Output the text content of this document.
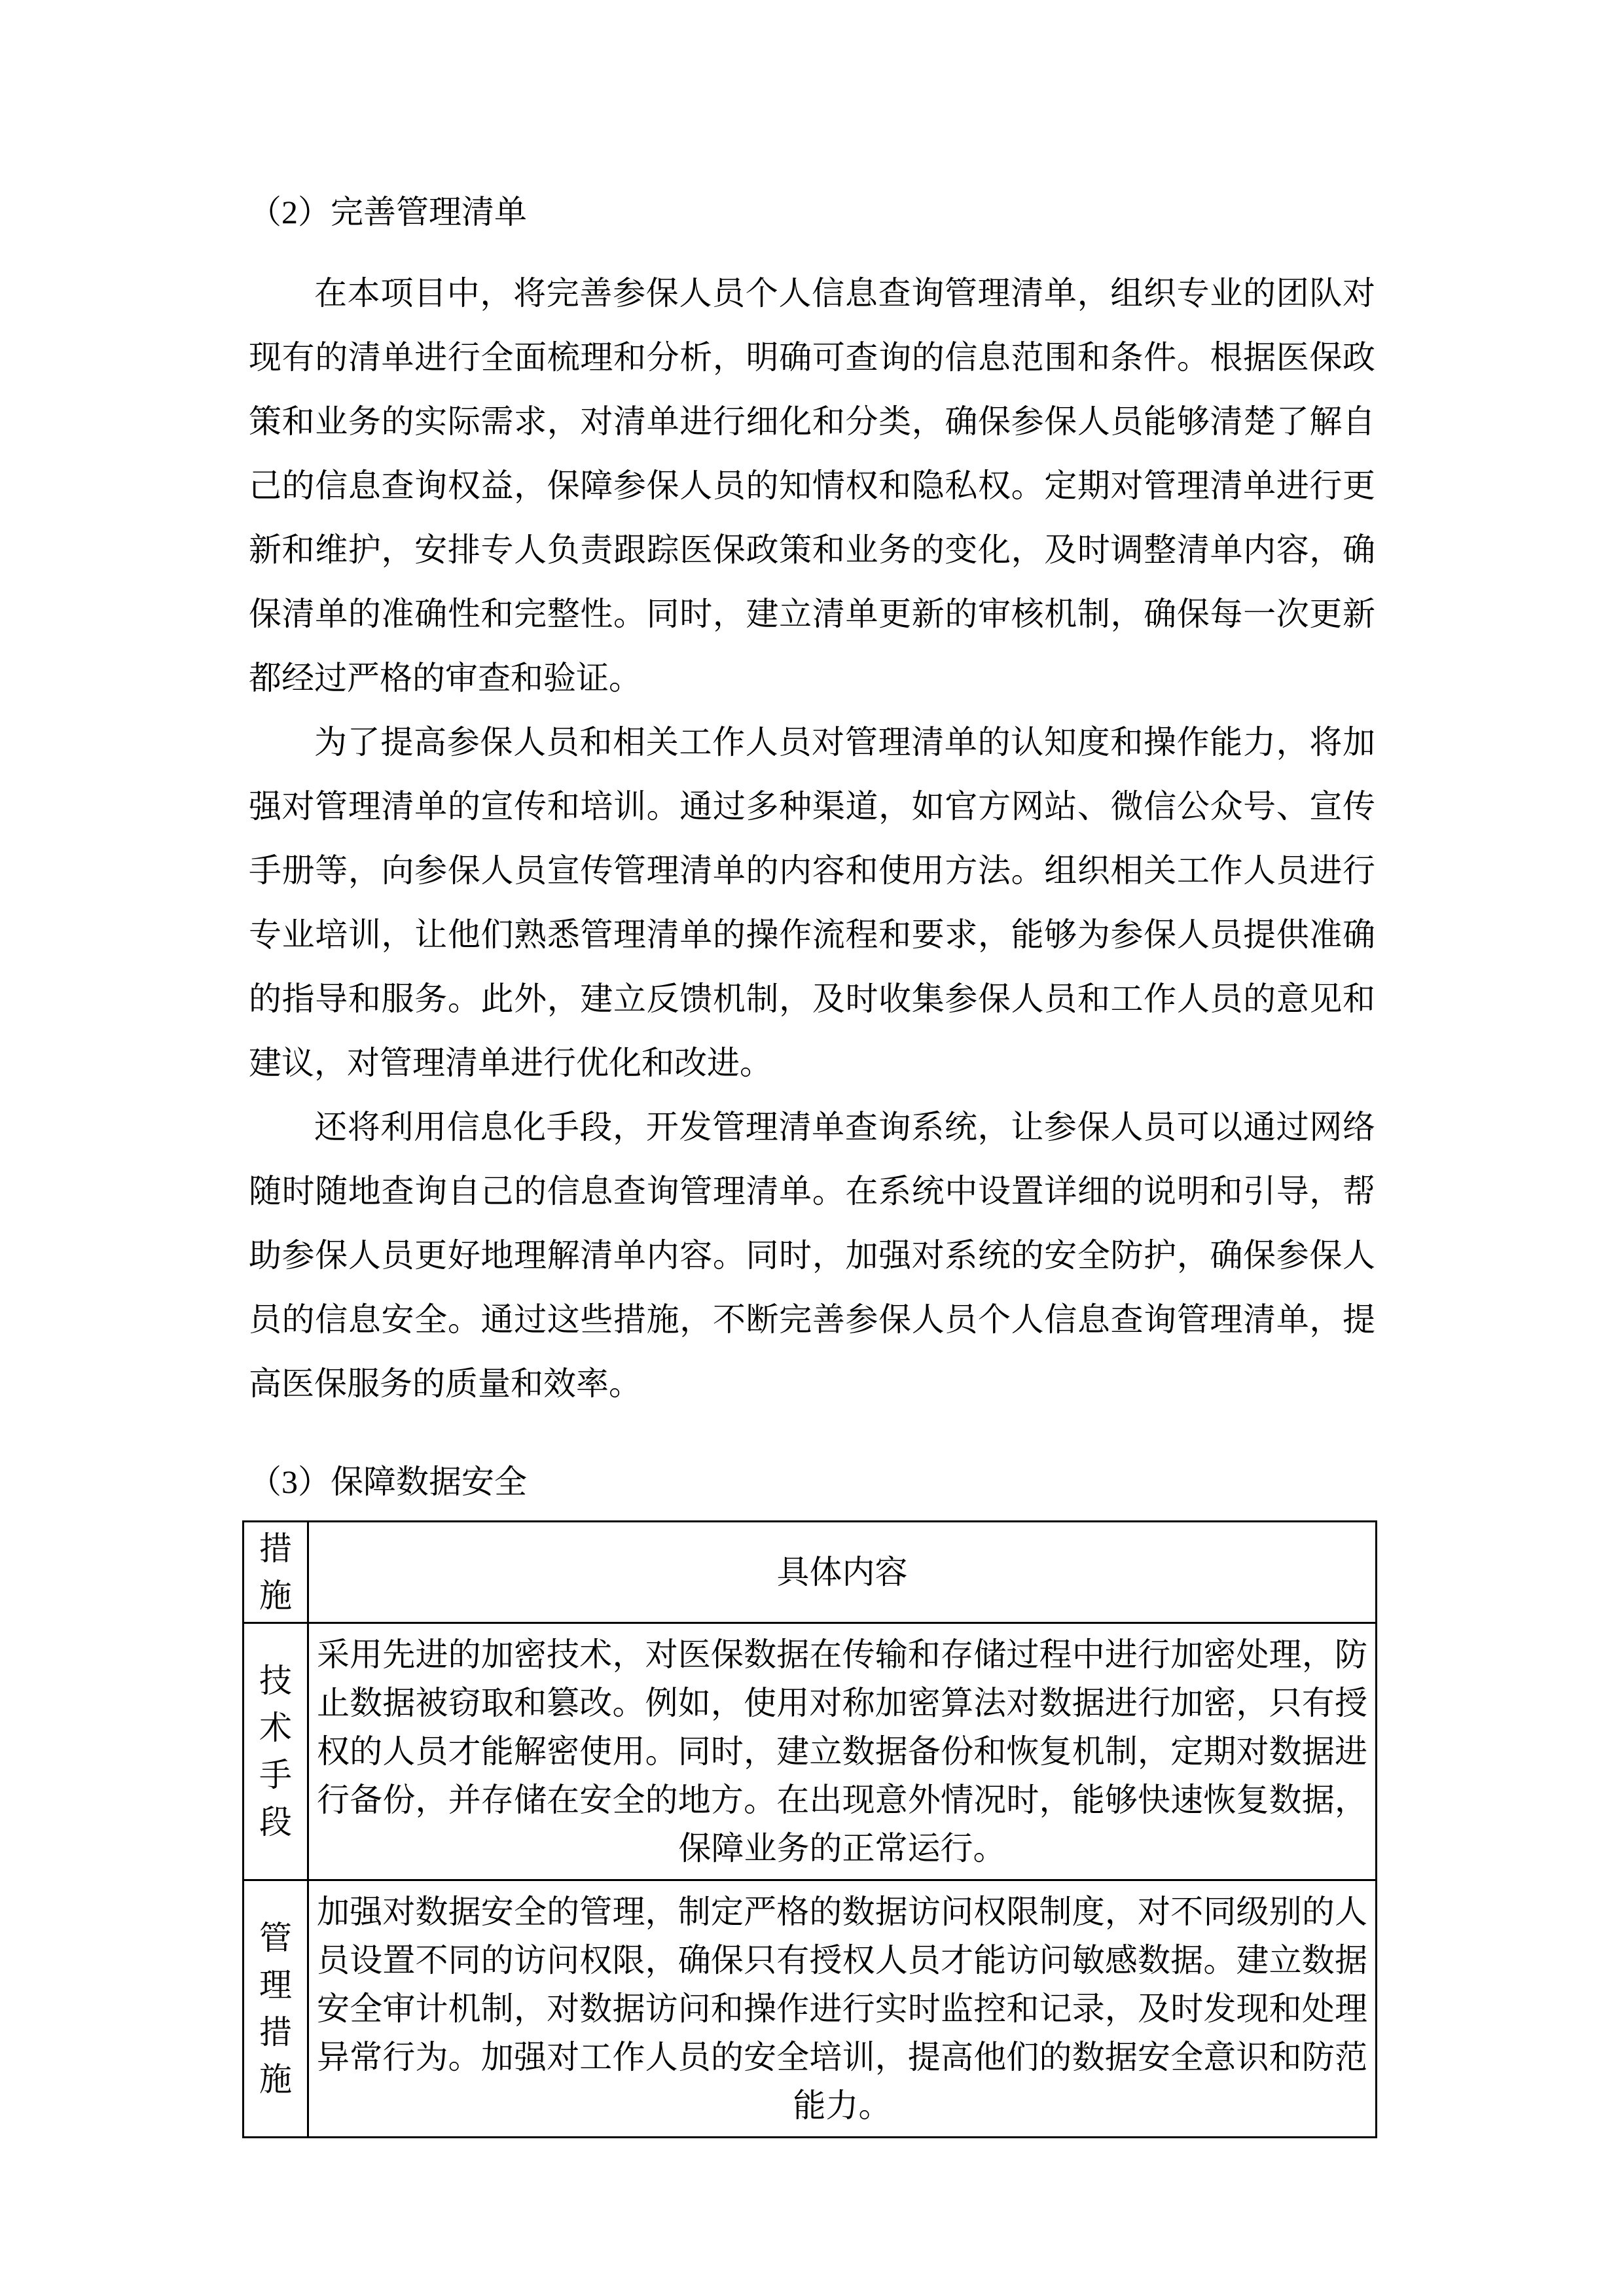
（2）完善管理清单

在本项目中，将完善参保人员个人信息查询管理清单，组织专业的团队对现有的清单进行全面梳理和分析，明确可查询的信息范围和条件。根据医保政策和业务的实际需求，对清单进行细化和分类，确保参保人员能够清楚了解自己的信息查询权益，保障参保人员的知情权和隐私权。定期对管理清单进行更新和维护，安排专人负责跟踪医保政策和业务的变化，及时调整清单内容，确保清单的准确性和完整性。同时，建立清单更新的审核机制，确保每一次更新都经过严格的审查和验证。

为了提高参保人员和相关工作人员对管理清单的认知度和操作能力，将加强对管理清单的宣传和培训。通过多种渠道，如官方网站、微信公众号、宣传手册等，向参保人员宣传管理清单的内容和使用方法。组织相关工作人员进行专业培训，让他们熟悉管理清单的操作流程和要求，能够为参保人员提供准确的指导和服务。此外，建立反馈机制，及时收集参保人员和工作人员的意见和建议，对管理清单进行优化和改进。

还将利用信息化手段，开发管理清单查询系统，让参保人员可以通过网络随时随地查询自己的信息查询管理清单。在系统中设置详细的说明和引导，帮助参保人员更好地理解清单内容。同时，加强对系统的安全防护，确保参保人员的信息安全。通过这些措施，不断完善参保人员个人信息查询管理清单，提高医保服务的质量和效率。

（3）保障数据安全
措施	具体内容
技术手段	采用先进的加密技术，对医保数据在传输和存储过程中进行加密处理，防止数据被窃取和篡改。例如，使用对称加密算法对数据进行加密，只有授权的人员才能解密使用。同时，建立数据备份和恢复机制，定期对数据进行备份，并存储在安全的地方。在出现意外情况时，能够快速恢复数据，保障业务的正常运行。
管理措施	加强对数据安全的管理，制定严格的数据访问权限制度，对不同级别的人员设置不同的访问权限，确保只有授权人员才能访问敏感数据。建立数据安全审计机制，对数据访问和操作进行实时监控和记录，及时发现和处理异常行为。加强对工作人员的安全培训，提高他们的数据安全意识和防范能力。
